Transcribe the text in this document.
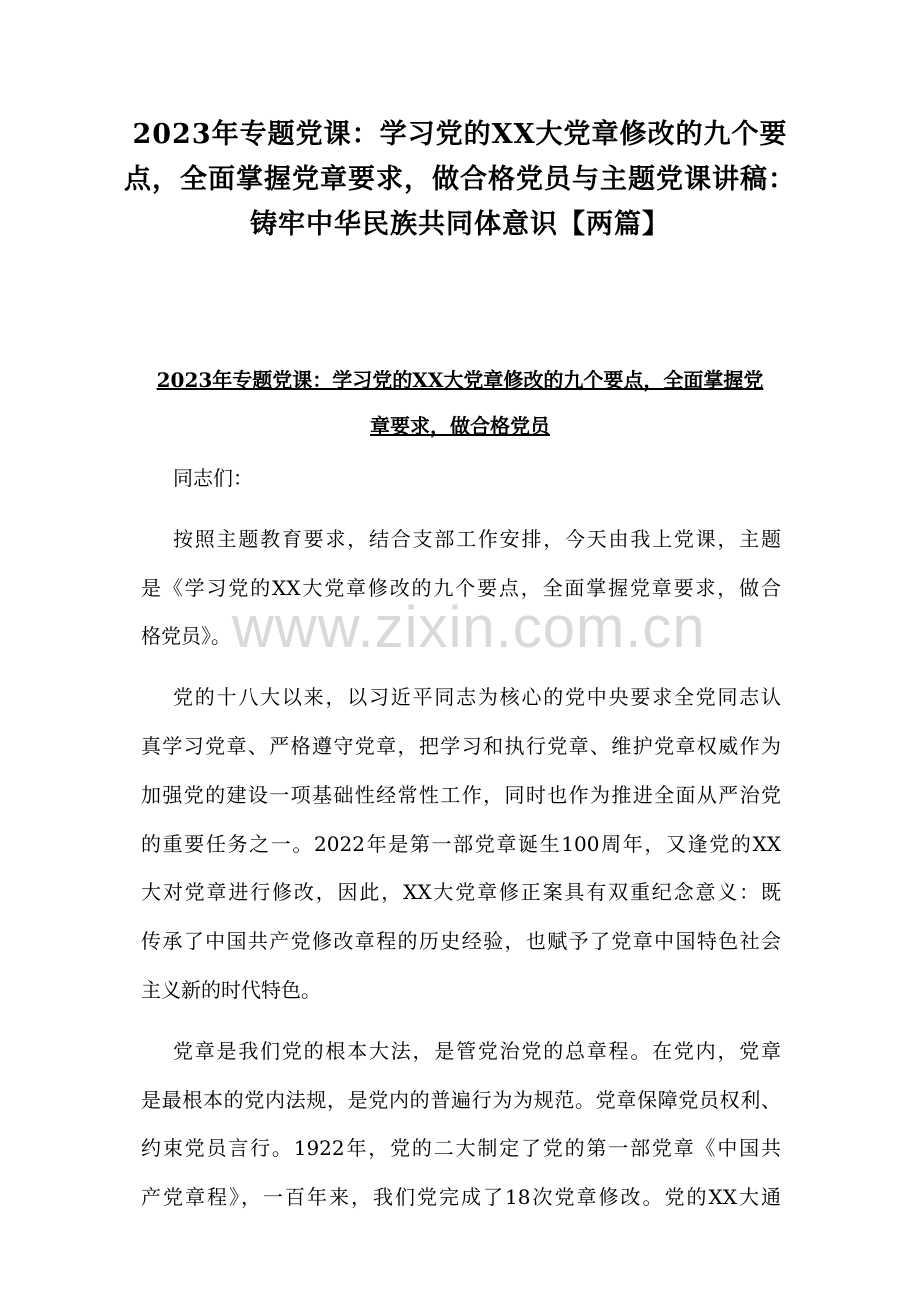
2023年专题党课：学习党的XX大党章修改的九个要
点，全面掌握党章要求，做合格党员与主题党课讲稿：
铸牢中华民族共同体意识【两篇】
2023年专题党课：学习党的XX大党章修改的九个要点，全面掌握党
章要求，做合格党员
同志们：
按照主题教育要求，结合支部工作安排，今天由我上党课，主题
是《学习党的XX大党章修改的九个要点，全面掌握党章要求，做合
格党员》。
党的十八大以来，以习近平同志为核心的党中央要求全党同志认
真学习党章、严格遵守党章，把学习和执行党章、维护党章权威作为
加强党的建设一项基础性经常性工作，同时也作为推进全面从严治党
的重要任务之一。2022年是第一部党章诞生100周年，又逢党的XX
大对党章进行修改，因此，XX大党章修正案具有双重纪念意义：既
传承了中国共产党修改章程的历史经验，也赋予了党章中国特色社会
主义新的时代特色。
党章是我们党的根本大法，是管党治党的总章程。在党内，党章
是最根本的党内法规，是党内的普遍行为为规范。党章保障党员权利、
约束党员言行。1922年，党的二大制定了党的第一部党章《中国共
产党章程》，一百年来，我们党完成了18次党章修改。党的XX大通
www.zixin.com.cn
